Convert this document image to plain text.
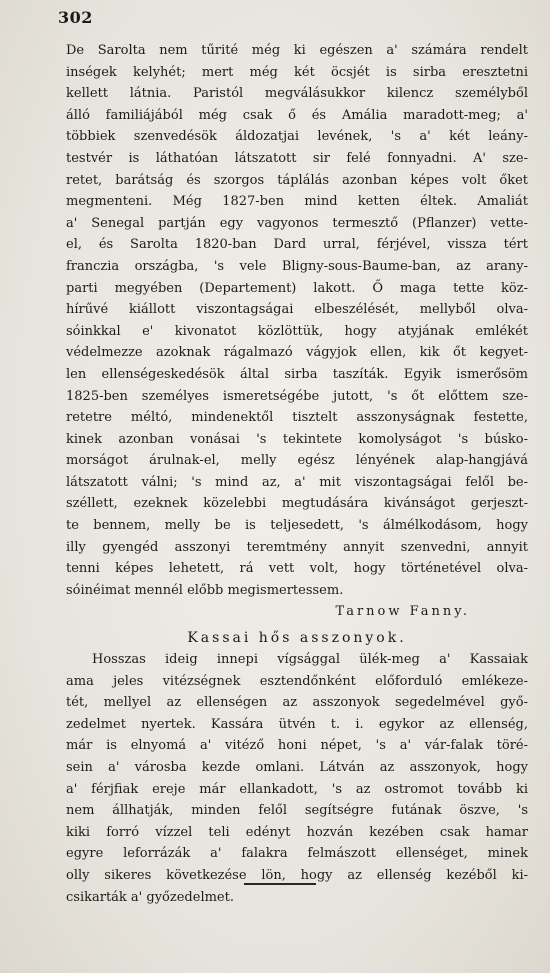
302
De Sarolta nem tűrité még ki egészen a' számára rendelt
inségek kelyhét; mert még két öcsjét is sirba eresztetni
kellett látnia. Paristól megválásukkor kilencz személyből
álló familiájából még csak ő és Amália maradott-meg; a'
többiek szenvedésök áldozatjai levének, 's a' két leány-
testvér is láthatóan látszatott sir felé fonnyadni. A' sze-
retet, barátság és szorgos táplálás azonban képes volt őket
megmenteni. Még 1827-ben mind ketten éltek. Amaliát
a' Senegal partján egy vagyonos termesztő (Pflanzer) vette-
el, és Sarolta 1820-ban Dard urral, férjével, vissza tért
franczia országba, 's vele Bligny-sous-Baume-ban, az arany-
parti megyében (Departement) lakott. Ő maga tette köz-
hírűvé kiállott viszontagságai elbeszélését, mellyből olva-
sóinkkal e' kivonatot közlöttük, hogy atyjának emlékét
védelmezze azoknak rágalmazó vágyjok ellen, kik őt kegyet-
len ellenségeskedésök által sirba taszíták. Egyik ismerősöm
1825-ben személyes ismeretségébe jutott, 's őt előttem sze-
retetre méltó, mindenektől tisztelt asszonyságnak festette,
kinek azonban vonásai 's tekintete komolyságot 's búsko-
morságot árulnak-el, melly egész lényének alap-hangjává
látszatott válni; 's mind az, a' mit viszontagságai felől be-
széllett, ezeknek közelebbi megtudására kivánságot gerjeszt-
te bennem, melly be is teljesedett, 's álmélkodásom, hogy
illy gyengéd asszonyi teremtmény annyit szenvedni, annyit
tenni képes lehetett, rá vett volt, hogy történetével olva-
sóinéimat mennél előbb megismertessem.
Tarnow Fanny.
Kassai hős asszonyok.
Hosszas ideig innepi vígsággal ülék-meg a' Kassaiak
ama jeles vitézségnek esztendőnként előforduló emlékeze-
tét, mellyel az ellenségen az asszonyok segedelmével győ-
zedelmet nyertek. Kassára ütvén t. i. egykor az ellenség,
már is elnyomá a' vitéző honi népet, 's a' vár-falak töré-
sein a' városba kezde omlani. Látván az asszonyok, hogy
a' férjfiak ereje már ellankadott, 's az ostromot tovább ki
nem állhatják, minden felől segítségre futának öszve, 's
kiki forró vízzel teli edényt hozván kezében csak hamar
egyre leforrázák a' falakra felmászott ellenséget, minek
olly sikeres következése lön, hogy az ellenség kezéből ki-
csikarták a' győzedelmet.
